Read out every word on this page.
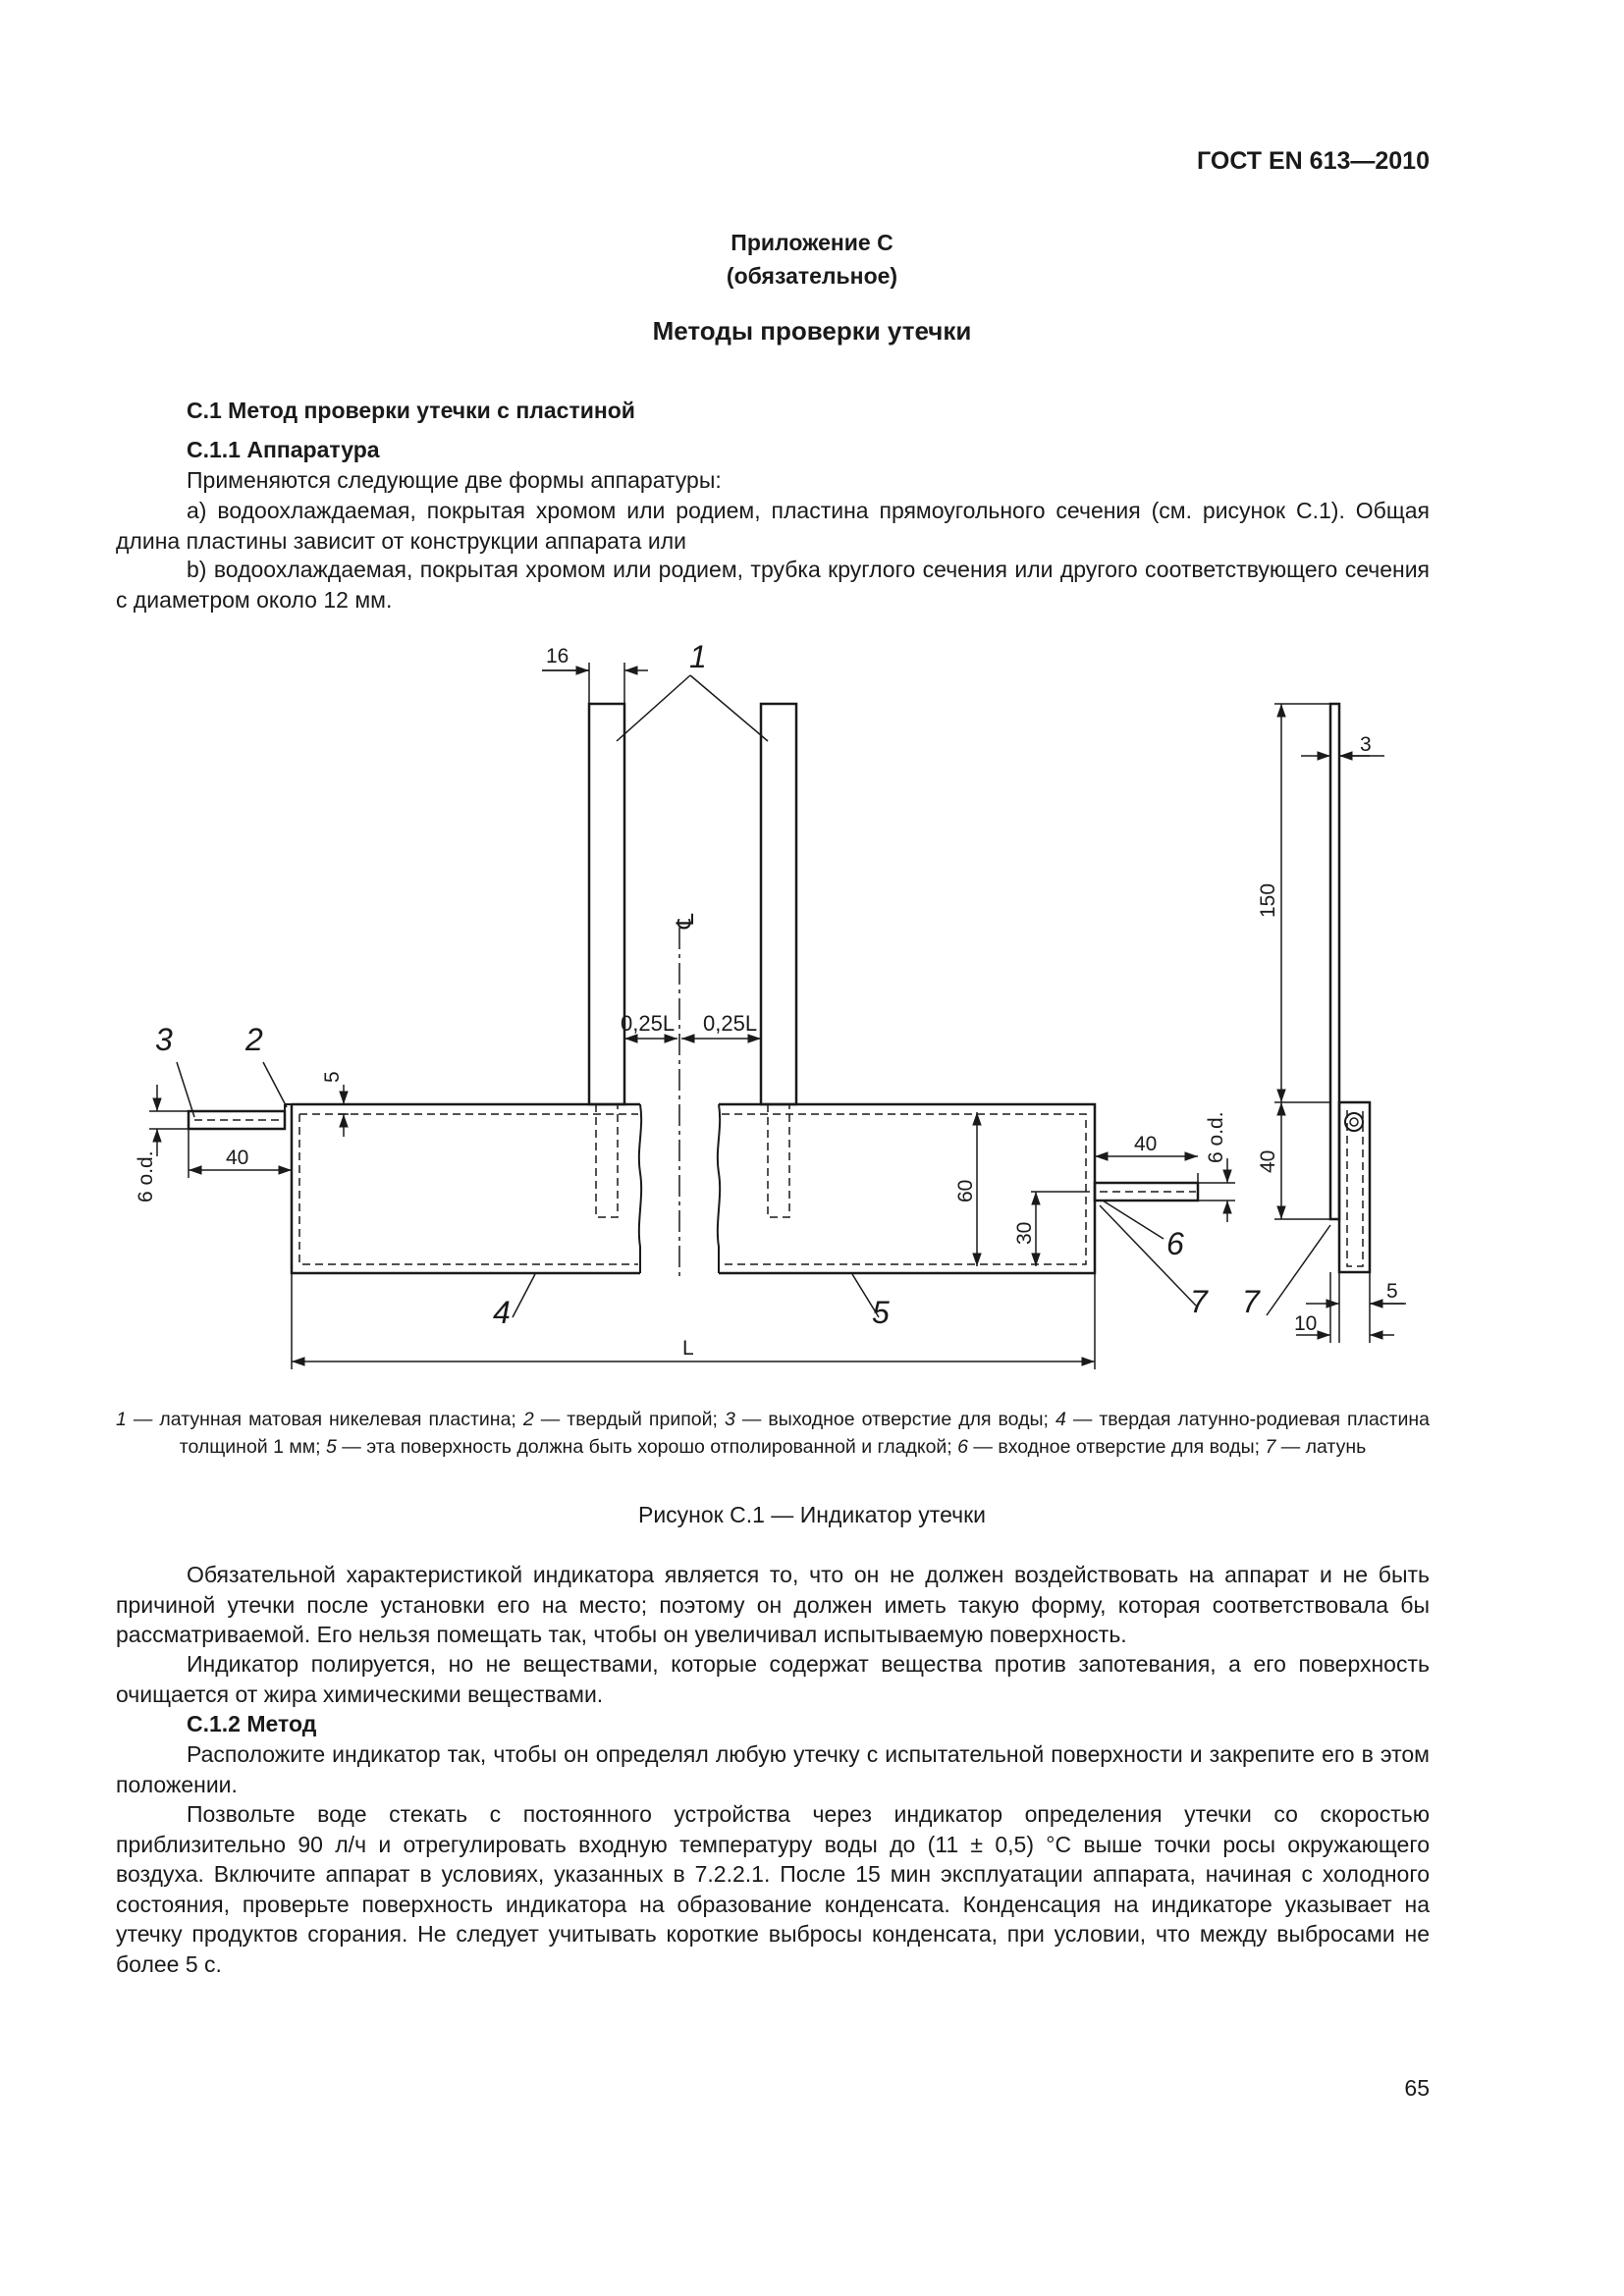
ГОСТ EN 613—2010
Приложение С
(обязательное)
Методы проверки утечки
С.1 Метод проверки утечки с пластиной
С.1.1 Аппаратура
Применяются следующие две формы аппаратуры:
а) водоохлаждаемая, покрытая хромом или родием, пластина прямоугольного сечения (см. рисунок С.1). Общая длина пластины зависит от конструкции аппарата или
b) водоохлаждаемая, покрытая хромом или родием, трубка круглого сечения или другого соответствующего сечения с диаметром около 12 мм.
16
0,25L 0,25L
℄
5
6 o.d.	40
60
30
40 6 o.d.
L
3
150
40
5
10
1
2
3
4	5
6
7 7
1 — латунная матовая никелевая пластина; 2 — твердый припой; 3 — выходное отверстие для воды; 4 — твердая латунно-родиевая пластина толщиной 1 мм; 5 — эта поверхность должна быть хорошо отполированной и гладкой; 6 — входное отверстие для воды; 7 — латунь
Рисунок С.1 — Индикатор утечки
Обязательной характеристикой индикатора является то, что он не должен воздействовать на аппарат и не быть причиной утечки после установки его на место; поэтому он должен иметь такую форму, которая соответствовала бы рассматриваемой. Его нельзя помещать так, чтобы он увеличивал испытываемую поверхность.
Индикатор полируется, но не веществами, которые содержат вещества против запотевания, а его поверхность очищается от жира химическими веществами.
С.1.2 Метод
Расположите индикатор так, чтобы он определял любую утечку с испытательной поверхности и закрепите его в этом положении.
Позвольте воде стекать с постоянного устройства через индикатор определения утечки со скоростью приблизительно 90 л/ч и отрегулировать входную температуру воды до (11 ± 0,5) °С выше точки росы окружающего воздуха. Включите аппарат в условиях, указанных в 7.2.2.1. После 15 мин эксплуатации аппарата, начиная с холодного состояния, проверьте поверхность индикатора на образование конденсата. Конденсация на индикаторе указывает на утечку продуктов сгорания. Не следует учитывать короткие выбросы конденсата, при условии, что между выбросами не более 5 с.
65
